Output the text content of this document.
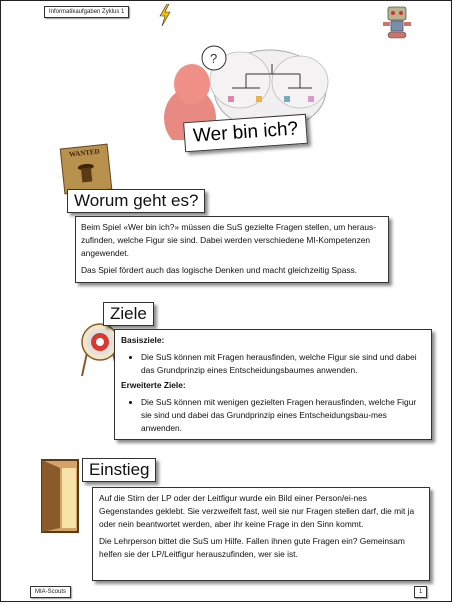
Informatikaufgaben Zyklus 1
?
Wer bin ich?
WANTED
Worum geht es?

Beim Spiel «Wer bin ich?» müssen die SuS gezielte Fragen stellen, um heraus-zufinden, welche Figur sie sind. Dabei werden verschiedene MI-Kompetenzen angewendet.

Das Spiel fördert auch das logische Denken und macht gleichzeitig Spass.

Ziele

Basisziele:

• Die SuS können mit Fragen herausfinden, welche Figur sie sind und dabei das Grundprinzip eines Entscheidungsbaumes anwenden.

Erweiterte Ziele:

• Die SuS können mit wenigen gezielten Fragen herausfinden, welche Figur sie sind und dabei das Grundprinzip eines Entscheidungsbau-mes anwenden.
Einstieg

Auf die Stirn der LP oder der Leitfigur wurde ein Bild einer Person/ei-nes Gegenstandes geklebt. Sie verzweifelt fast, weil sie nur Fragen stellen darf, die mit ja oder nein beantwortet werden, aber ihr keine Frage in den Sinn kommt.

Die Lehrperson bittet die SuS um Hilfe. Fallen ihnen gute Fragen ein? Gemeinsam helfen sie der LP/Leitfigur herauszufinden, wer sie ist.

MIA-Scouts	1
